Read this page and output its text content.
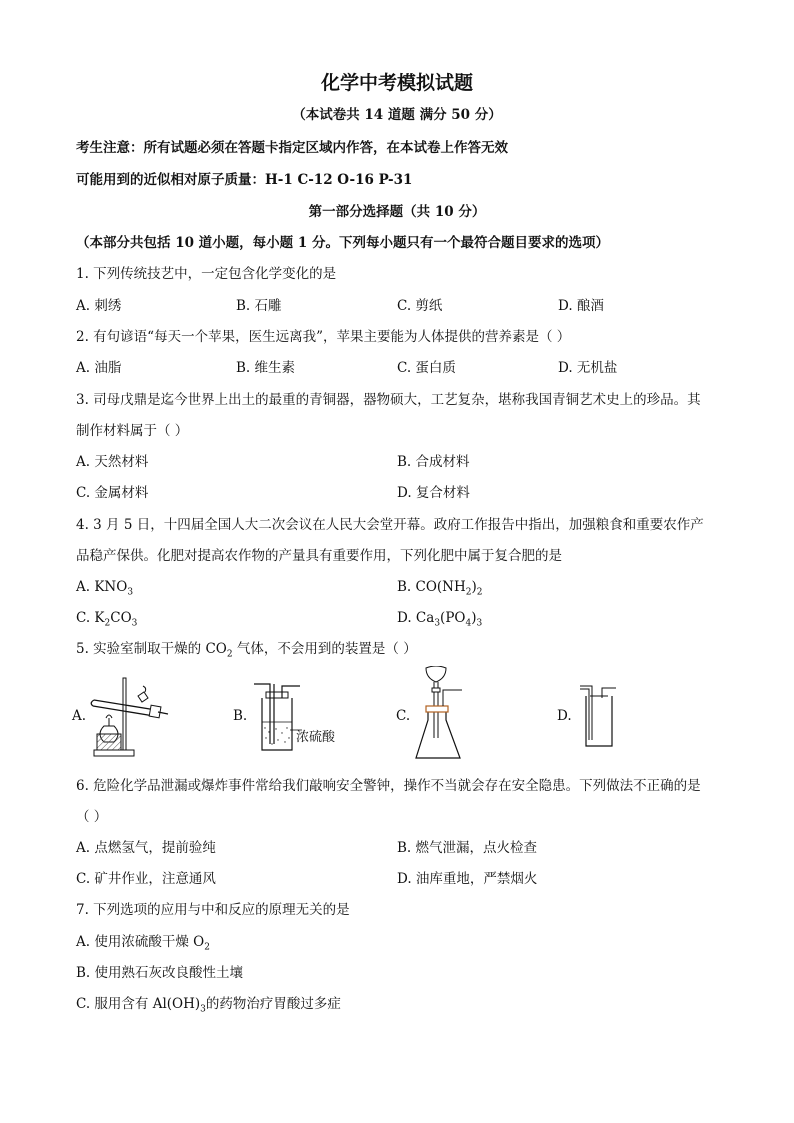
化学中考模拟试题
（本试卷共 14 道题 满分 50 分）
考生注意：所有试题必须在答题卡指定区域内作答，在本试卷上作答无效
可能用到的近似相对原子质量：H-1 C-12 O-16 P-31
第一部分选择题（共 10 分）
（本部分共包括 10 道小题，每小题 1 分。下列每小题只有一个最符合题目要求的选项）
1. 下列传统技艺中，一定包含化学变化的是
A. 刺绣	B. 石雕	C. 剪纸	D. 酿酒
2. 有句谚语“每天一个苹果，医生远离我”，苹果主要能为人体提供的营养素是（ ）
A. 油脂	B. 维生素	C. 蛋白质	D. 无机盐
3. 司母戊鼎是迄今世界上出土的最重的青铜器，器物硕大，工艺复杂，堪称我国青铜艺术史上的珍品。其
制作材料属于（ ）
A. 天然材料	B. 合成材料
C. 金属材料	D. 复合材料
4. 3 月 5 日，十四届全国人大二次会议在人民大会堂开幕。政府工作报告中指出，加强粮食和重要农作产
品稳产保供。化肥对提高农作物的产量具有重要作用，下列化肥中属于复合肥的是
A. $KNO_3$	B. $CO(NH_2)_2$
C. $K_2CO_3$	D. $Ca_3(PO_4)_3$
5. 实验室制取干燥的 $CO_2$ 气体，不会用到的装置是（ ）
A.	B.
浓硫酸
C.	D.
6. 危险化学品泄漏或爆炸事件常给我们敲响安全警钟，操作不当就会存在安全隐患。下列做法不正确的是
（ ）
A. 点燃氢气，提前验纯	B. 燃气泄漏，点火检查
C. 矿井作业，注意通风	D. 油库重地，严禁烟火
7. 下列选项的应用与中和反应的原理无关的是
A. 使用浓硫酸干燥 $O_2$
B. 使用熟石灰改良酸性土壤
C. 服用含有 $Al(OH)_3$的药物治疗胃酸过多症
